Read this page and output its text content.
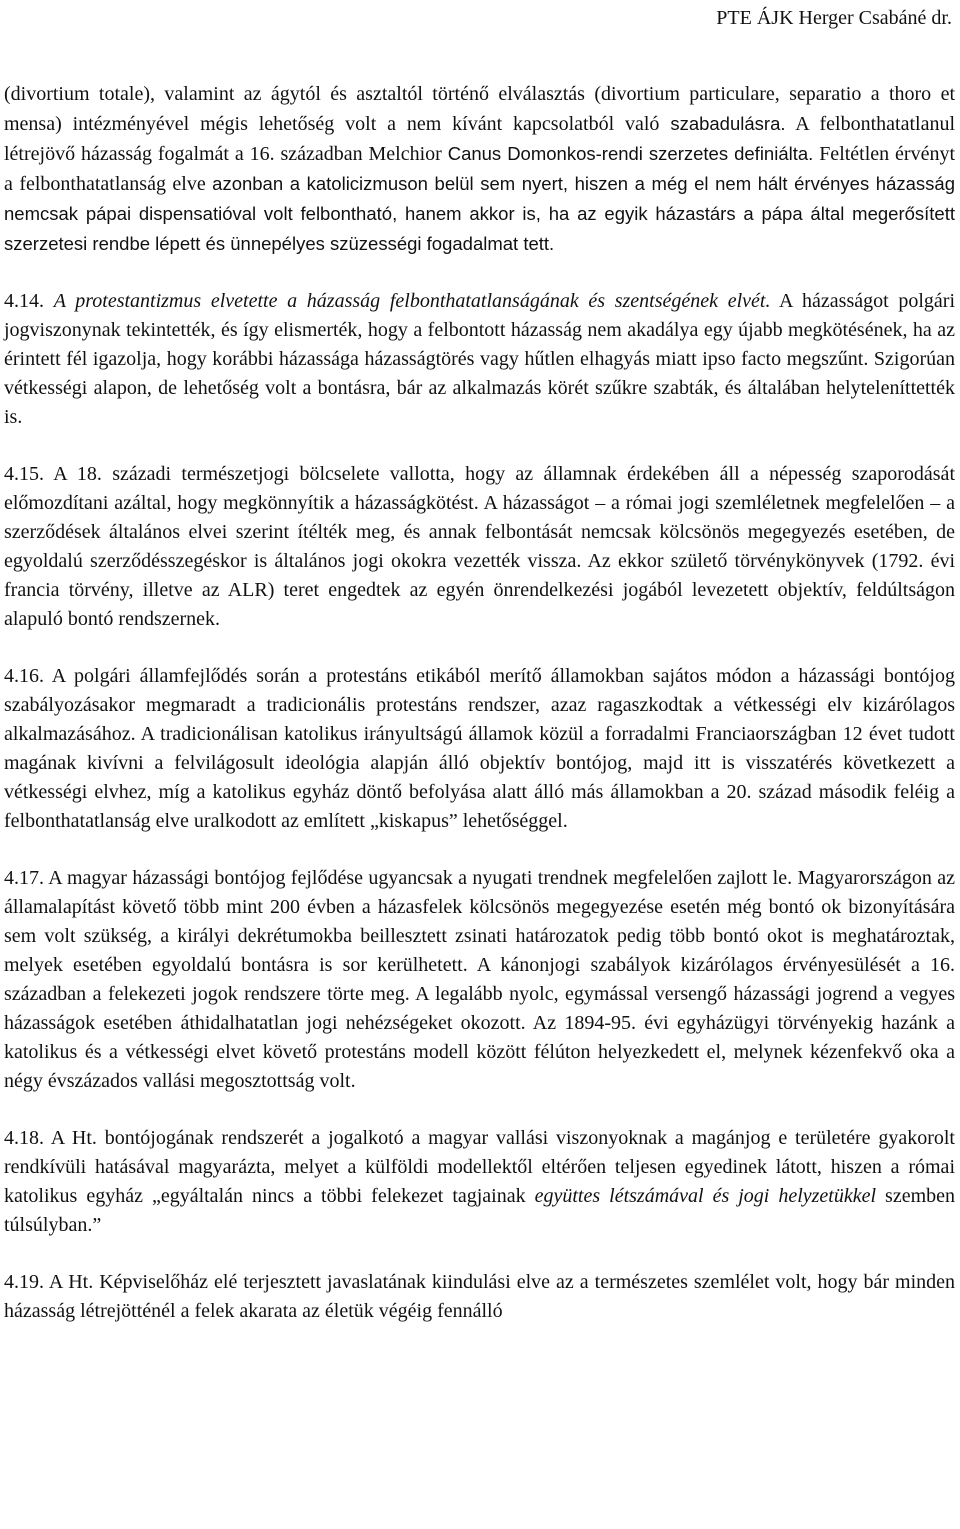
PTE ÁJK Herger Csabáné dr.

(divortium totale), valamint az ágytól és asztaltól történő elválasztás (divortium particulare, separatio a thoro et mensa) intézményével mégis lehetőség volt a nem kívánt kapcsolatból való szabadulásra. A felbonthatatlanul létrejövő házasság fogalmát a 16. században Melchior Canus Domonkos-rendi szerzetes definiálta. Feltétlen érvényt a felbonthatatlanság elve azonban a katolicizmuson belül sem nyert, hiszen a még el nem hált érvényes házasság nemcsak pápai dispensatióval volt felbontható, hanem akkor is, ha az egyik házastárs a pápa által megerősített szerzetesi rendbe lépett és ünnepélyes szüzességi fogadalmat tett.

4.14. A protestantizmus elvetette a házasság felbonthatatlanságának és szentségének elvét. A házasságot polgári jogviszonynak tekintették, és így elismerték, hogy a felbontott házasság nem akadálya egy újabb megkötésének, ha az érintett fél igazolja, hogy korábbi házassága házasságtörés vagy hűtlen elhagyás miatt ipso facto megszűnt. Szigorúan vétkességi alapon, de lehetőség volt a bontásra, bár az alkalmazás körét szűkre szabták, és általában helyteleníttették is.

4.15. A 18. századi természetjogi bölcselete vallotta, hogy az államnak érdekében áll a népesség szaporodását előmozdítani azáltal, hogy megkönnyítik a házasságkötést. A házasságot – a római jogi szemléletnek megfelelően – a szerződések általános elvei szerint ítélték meg, és annak felbontását nemcsak kölcsönös megegyezés esetében, de egyoldalú szerződésszegéskor is általános jogi okokra vezették vissza. Az ekkor születő törvénykönyvek (1792. évi francia törvény, illetve az ALR) teret engedtek az egyén önrendelkezési jogából levezetett objektív, feldúltságon alapuló bontó rendszernek.

4.16. A polgári államfejlődés során a protestáns etikából merítő államokban sajátos módon a házassági bontójog szabályozásakor megmaradt a tradicionális protestáns rendszer, azaz ragaszkodtak a vétkességi elv kizárólagos alkalmazásához. A tradicionálisan katolikus irányultságú államok közül a forradalmi Franciaországban 12 évet tudott magának kivívni a felvilágosult ideológia alapján álló objektív bontójog, majd itt is visszatérés következett a vétkességi elvhez, míg a katolikus egyház döntő befolyása alatt álló más államokban a 20. század második feléig a felbonthatatlanság elve uralkodott az említett „kiskapus” lehetőséggel.

4.17. A magyar házassági bontójog fejlődése ugyancsak a nyugati trendnek megfelelően zajlott le. Magyarországon az államalapítást követő több mint 200 évben a házasfelek kölcsönös megegyezése esetén még bontó ok bizonyítására sem volt szükség, a királyi dekrétumokba beillesztett zsinati határozatok pedig több bontó okot is meghatároztak, melyek esetében egyoldalú bontásra is sor kerülhetett. A kánonjogi szabályok kizárólagos érvényesülését a 16. században a felekezeti jogok rendszere törte meg. A legalább nyolc, egymással versengő házassági jogrend a vegyes házasságok esetében áthidalhatatlan jogi nehézségeket okozott. Az 1894-95. évi egyházügyi törvényekig hazánk a katolikus és a vétkességi elvet követő protestáns modell között félúton helyezkedett el, melynek kézenfekvő oka a négy évszázados vallási megosztottság volt.

4.18. A Ht. bontójogának rendszerét a jogalkotó a magyar vallási viszonyoknak a magánjog e területére gyakorolt rendkívüli hatásával magyarázta, melyet a külföldi modellektől eltérően teljesen egyedinek látott, hiszen a római katolikus egyház „egyáltalán nincs a többi felekezet tagjainak együttes létszámával és jogi helyzetükkel szemben túlsúlyban.”

4.19. A Ht. Képviselőház elé terjesztett javaslatának kiindulási elve az a természetes szemlélet volt, hogy bár minden házasság létrejötténél a felek akarata az életük végéig fennálló
